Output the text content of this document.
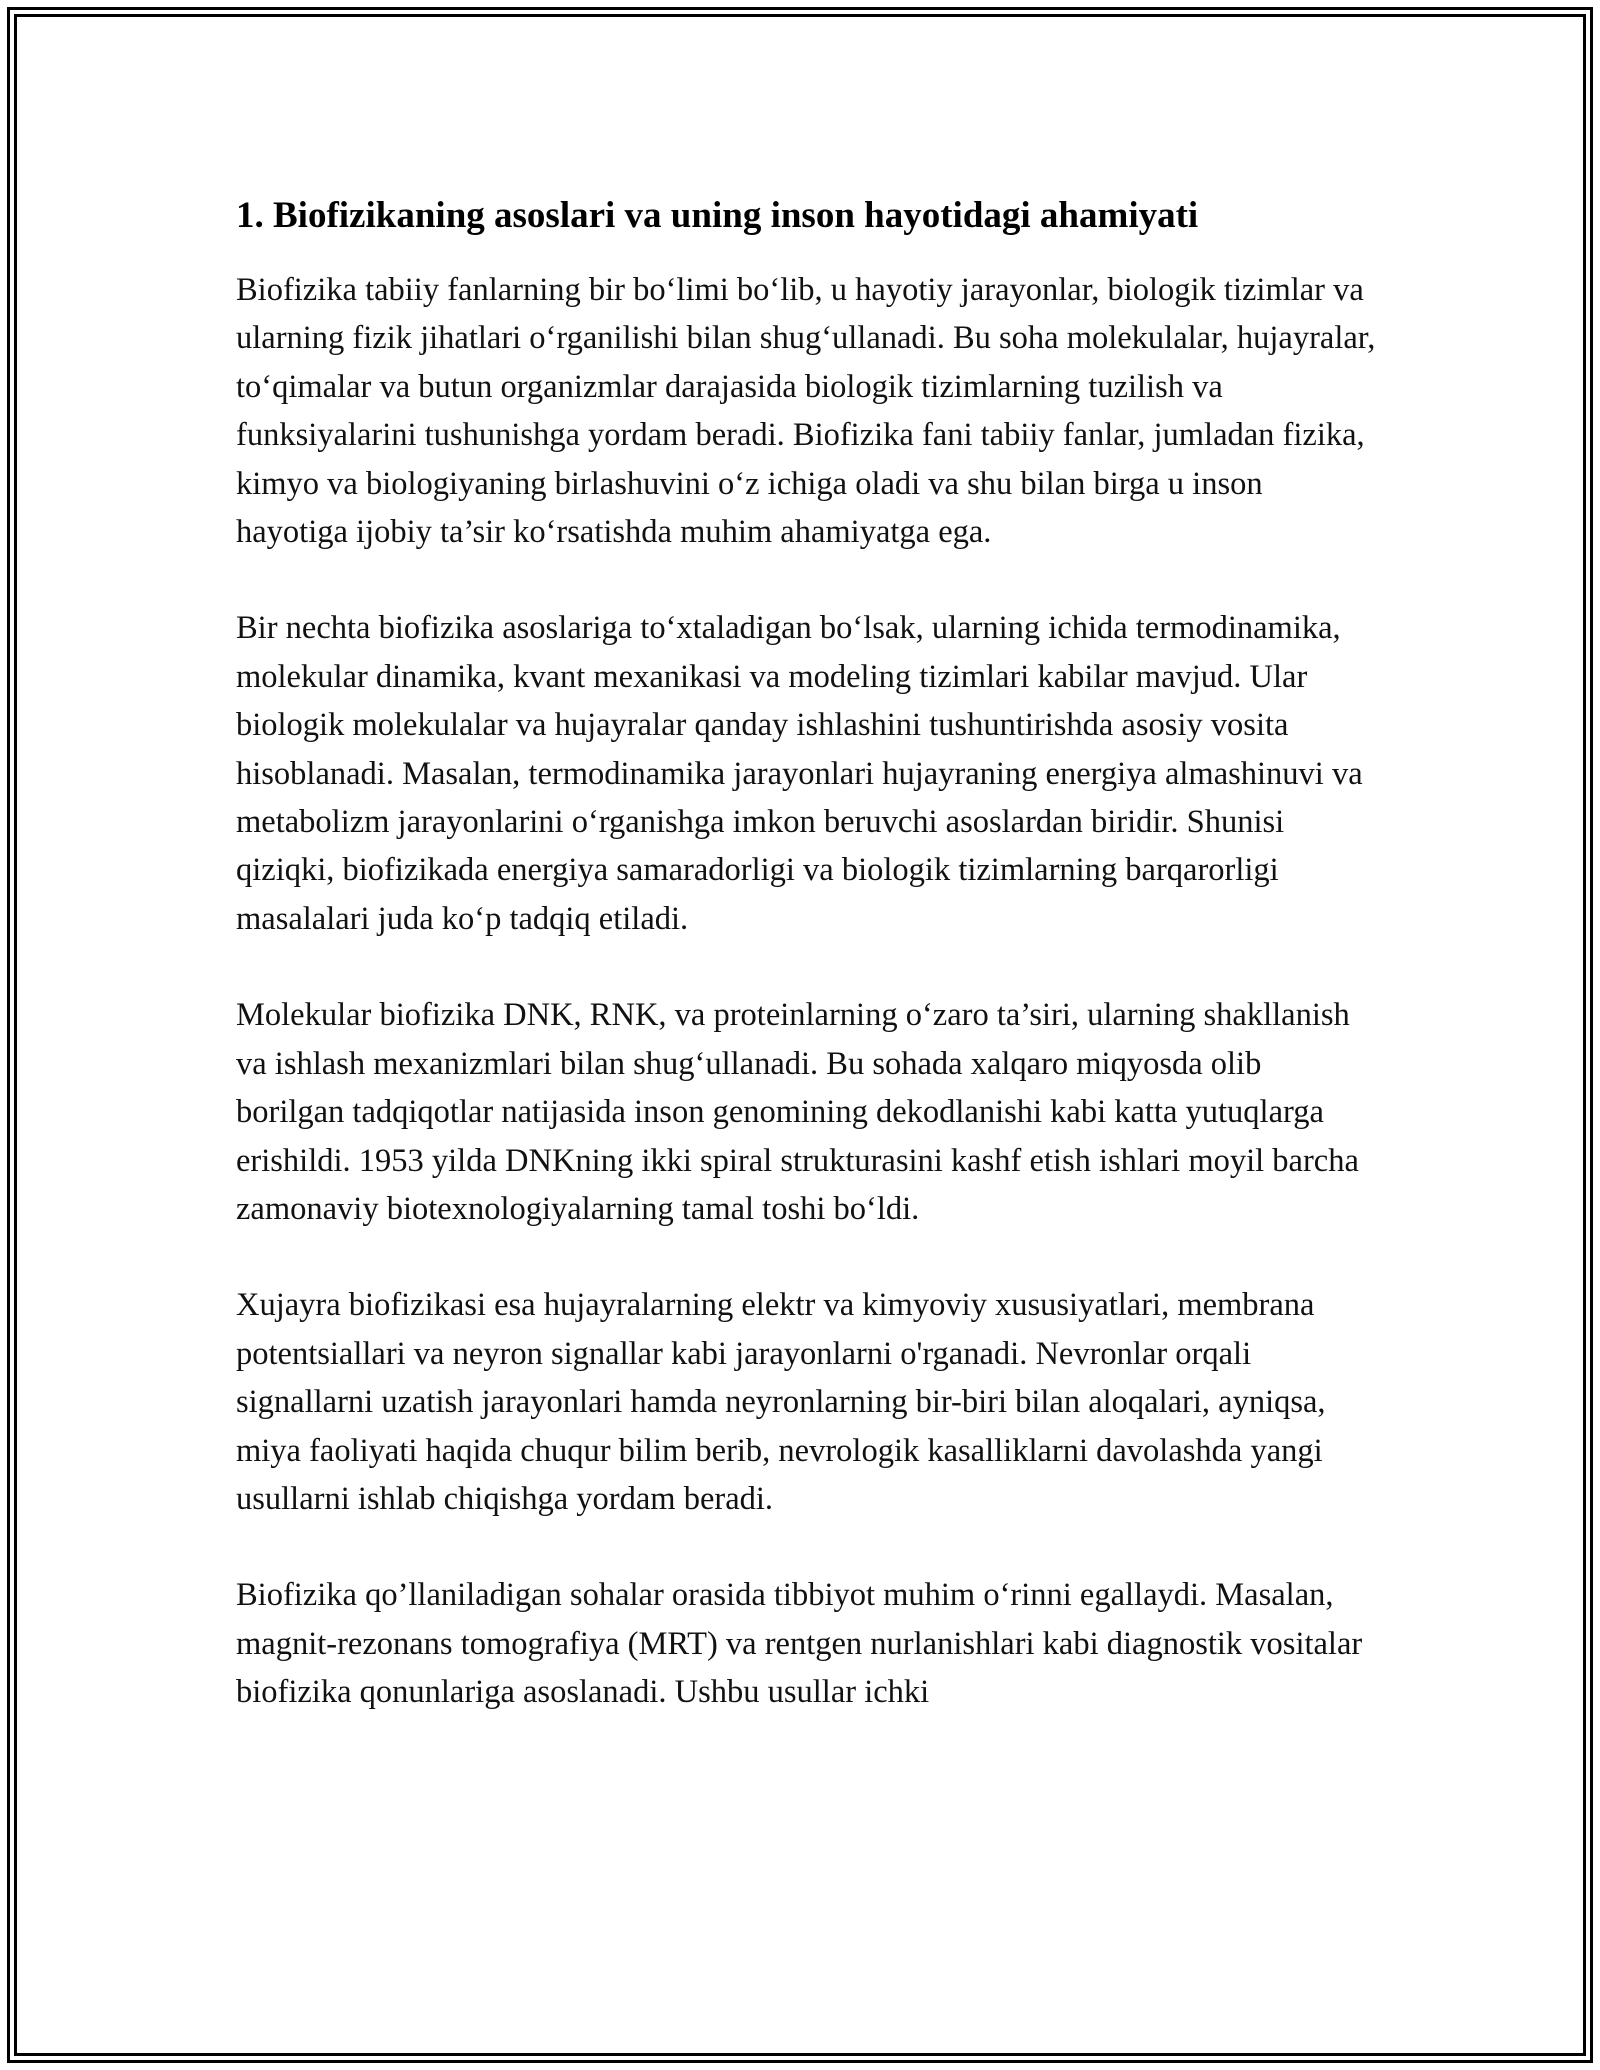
1. Biofizikaning asoslari va uning inson hayotidagi ahamiyati

Biofizika tabiiy fanlarning bir bo‘limi bo‘lib, u hayotiy jarayonlar, biologik tizimlar va ularning fizik jihatlari o‘rganilishi bilan shug‘ullanadi. Bu soha molekulalar, hujayralar, to‘qimalar va butun organizmlar darajasida biologik tizimlarning tuzilish va funksiyalarini tushunishga yordam beradi. Biofizika fani tabiiy fanlar, jumladan fizika, kimyo va biologiyaning birlashuvini o‘z ichiga oladi va shu bilan birga u inson hayotiga ijobiy ta’sir ko‘rsatishda muhim ahamiyatga ega.

Bir nechta biofizika asoslariga to‘xtaladigan bo‘lsak, ularning ichida termodinamika, molekular dinamika, kvant mexanikasi va modeling tizimlari kabilar mavjud. Ular biologik molekulalar va hujayralar qanday ishlashini tushuntirishda asosiy vosita hisoblanadi. Masalan, termodinamika jarayonlari hujayraning energiya almashinuvi va metabolizm jarayonlarini o‘rganishga imkon beruvchi asoslardan biridir. Shunisi qiziqki, biofizikada energiya samaradorligi va biologik tizimlarning barqarorligi masalalari juda ko‘p tadqiq etiladi.

Molekular biofizika DNK, RNK, va proteinlarning o‘zaro ta’siri, ularning shakllanish va ishlash mexanizmlari bilan shug‘ullanadi. Bu sohada xalqaro miqyosda olib borilgan tadqiqotlar natijasida inson genomining dekodlanishi kabi katta yutuqlarga erishildi. 1953 yilda DNKning ikki spiral strukturasini kashf etish ishlari moyil barcha zamonaviy biotexnologiyalarning tamal toshi bo‘ldi.

Xujayra biofizikasi esa hujayralarning elektr va kimyoviy xususiyatlari, membrana potentsiallari va neyron signallar kabi jarayonlarni o'rganadi. Nevronlar orqali signallarni uzatish jarayonlari hamda neyronlarning bir-biri bilan aloqalari, ayniqsa, miya faoliyati haqida chuqur bilim berib, nevrologik kasalliklarni davolashda yangi usullarni ishlab chiqishga yordam beradi.

Biofizika qo’llaniladigan sohalar orasida tibbiyot muhim o‘rinni egallaydi. Masalan, magnit-rezonans tomografiya (MRT) va rentgen nurlanishlari kabi diagnostik vositalar biofizika qonunlariga asoslanadi. Ushbu usullar ichki
